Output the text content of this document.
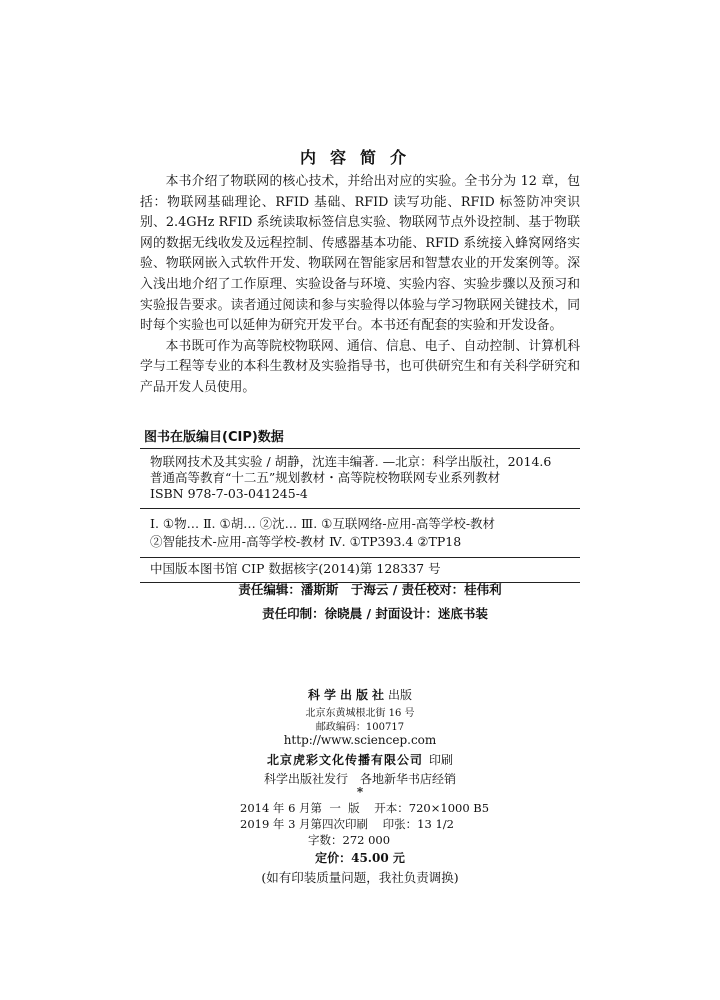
内容简介

本书介绍了物联网的核心技术，并给出对应的实验。全书分为 12 章，包括：物联网基础理论、RFID 基础、RFID 读写功能、RFID 标签防冲突识别、2.4GHz RFID 系统读取标签信息实验、物联网节点外设控制、基于物联网的数据无线收发及远程控制、传感器基本功能、RFID 系统接入蜂窝网络实验、物联网嵌入式软件开发、物联网在智能家居和智慧农业的开发案例等。深入浅出地介绍了工作原理、实验设备与环境、实验内容、实验步骤以及预习和实验报告要求。读者通过阅读和参与实验得以体验与学习物联网关键技术，同时每个实验也可以延伸为研究开发平台。本书还有配套的实验和开发设备。

本书既可作为高等院校物联网、通信、信息、电子、自动控制、计算机科学与工程等专业的本科生教材及实验指导书，也可供研究生和有关科学研究和产品开发人员使用。

图书在版编目(CIP)数据
物联网技术及其实验 / 胡静，沈连丰编著. —北京：科学出版社，2014.6
普通高等教育“十二五”规划教材・高等院校物联网专业系列教材
ISBN 978-7-03-041245-4
Ⅰ. ①物… Ⅱ. ①胡… ②沈… Ⅲ. ①互联网络-应用-高等学校-教材
②智能技术-应用-高等学校-教材 Ⅳ. ①TP393.4 ②TP18
中国版本图书馆 CIP 数据核字(2014)第 128337 号
责任编辑：潘斯斯　于海云 / 责任校对：桂伟利
责任印制：徐晓晨 / 封面设计：迷底书装
科学出版社出版
北京东黄城根北街 16 号
邮政编码：100717
http://www.sciencep.com
北京虎彩文化传播有限公司  印刷
科学出版社发行　各地新华书店经销
*
2014 年 6 月第  一  版    开本：720×1000 B5
2019 年 3 月第四次印刷    印张：13 1/2
字数：272 000
定价：45.00 元
(如有印装质量问题，我社负责调换)
